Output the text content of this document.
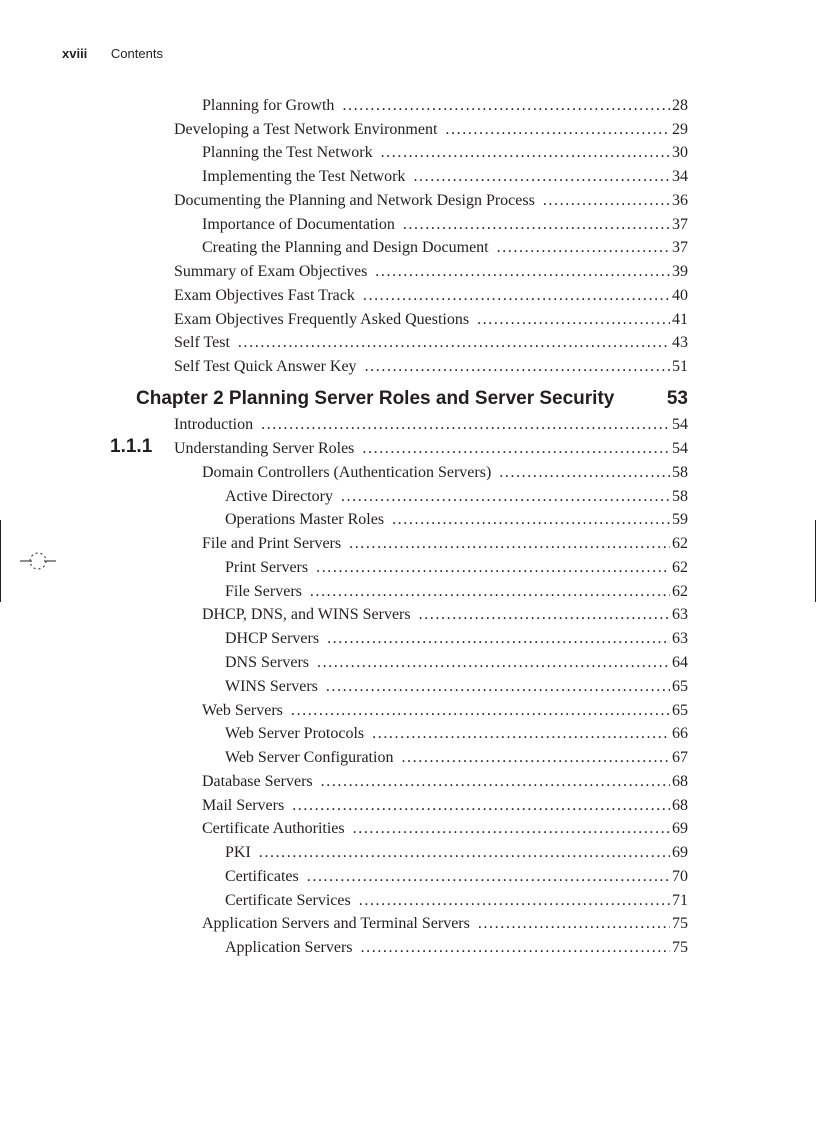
xviii Contents
Planning for Growth .....	28
Developing a Test Network Environment .....	29
Planning the Test Network .....	30
Implementing the Test Network .....	34
Documenting the Planning and Network Design Process .....	36
Importance of Documentation .....	37
Creating the Planning and Design Document .....	37
Summary of Exam Objectives .....	39
Exam Objectives Fast Track .....	40
Exam Objectives Frequently Asked Questions .....	41
Self Test .....	43
Self Test Quick Answer Key .....	51
Introduction .....	54
Understanding Server Roles .....	54
Domain Controllers (Authentication Servers) .....	58
Active Directory .....	58
Operations Master Roles .....	59
File and Print Servers .....	62
Print Servers .....	62
File Servers .....	62
DHCP, DNS, and WINS Servers .....	63
DHCP Servers .....	63
DNS Servers .....	64
WINS Servers .....	65
Web Servers .....	65
Web Server Protocols .....	66
Web Server Configuration .....	67
Database Servers .....	68
Mail Servers .....	68
Certificate Authorities .....	69
PKI .....	69
Certificates .....	70
Certificate Services .....	71
Application Servers and Terminal Servers .....	75
Application Servers .....	75
Chapter 2 Planning Server Roles and Server Security	53
1.1.1
